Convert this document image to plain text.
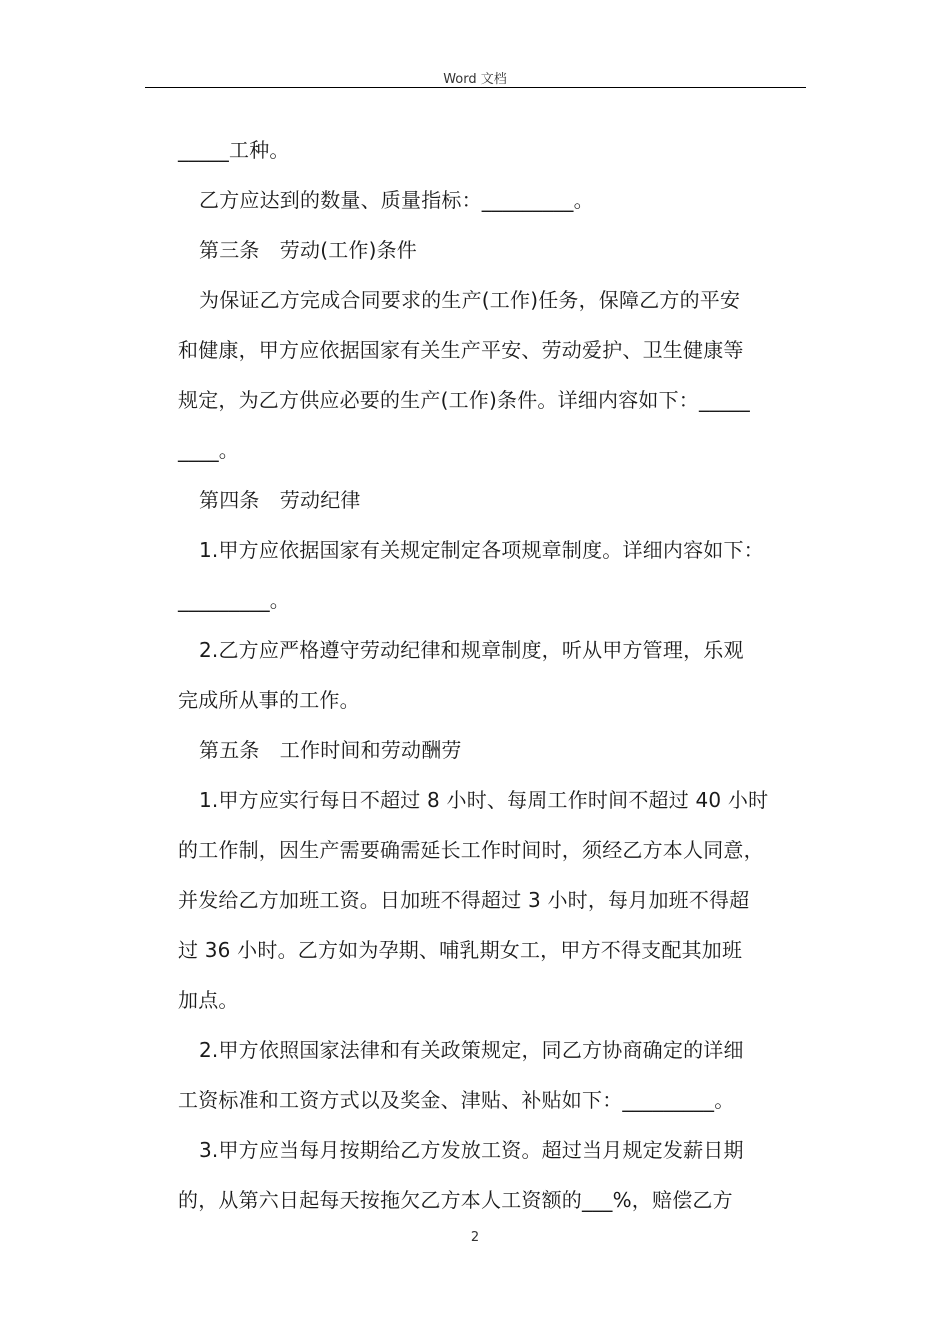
Word 文档
_____工种。
乙方应达到的数量、质量指标：_________。
第三条　劳动(工作)条件
为保证乙方完成合同要求的生产(工作)任务，保障乙方的平安
和健康，甲方应依据国家有关生产平安、劳动爱护、卫生健康等
规定，为乙方供应必要的生产(工作)条件。详细内容如下：_____
____。
第四条　劳动纪律
1.甲方应依据国家有关规定制定各项规章制度。详细内容如下：
_________。
2.乙方应严格遵守劳动纪律和规章制度，听从甲方管理，乐观
完成所从事的工作。
第五条　工作时间和劳动酬劳
1.甲方应实行每日不超过 8 小时、每周工作时间不超过 40 小时
的工作制，因生产需要确需延长工作时间时，须经乙方本人同意，
并发给乙方加班工资。日加班不得超过 3 小时，每月加班不得超
过 36 小时。乙方如为孕期、哺乳期女工，甲方不得支配其加班
加点。
2.甲方依照国家法律和有关政策规定，同乙方协商确定的详细
工资标准和工资方式以及奖金、津贴、补贴如下：_________。
3.甲方应当每月按期给乙方发放工资。超过当月规定发薪日期
的，从第六日起每天按拖欠乙方本人工资额的___%，赔偿乙方
2
